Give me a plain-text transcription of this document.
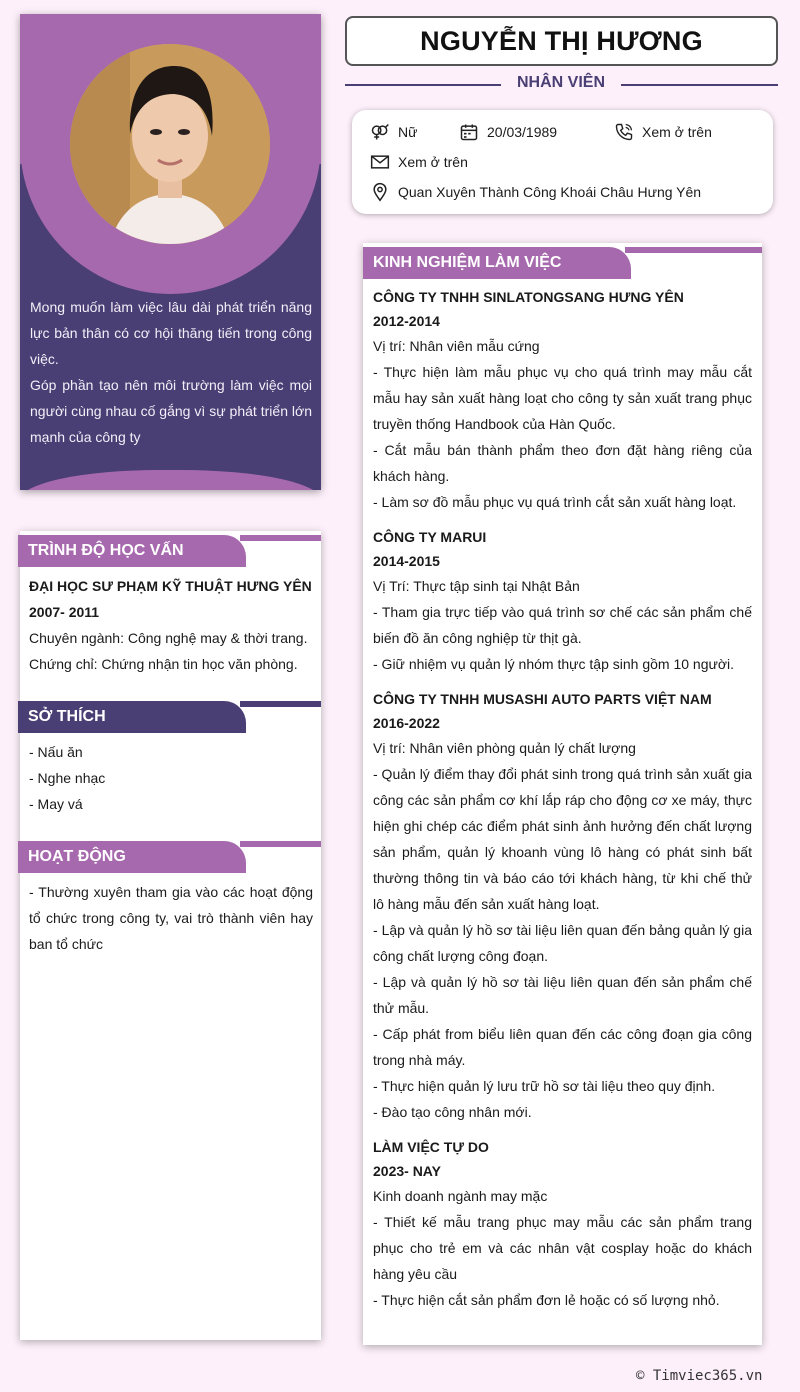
Mong muốn làm việc lâu dài phát triển năng lực bản thân có cơ hội thăng tiến trong công việc.

Góp phần tạo nên môi trường làm việc mọi người cùng nhau cố gắng vì sự phát triển lớn mạnh của công ty

TRÌNH ĐỘ HỌC VẤN
ĐẠI HỌC SƯ PHẠM KỸ THUẬT HƯNG YÊN
2007- 2011
Chuyên ngành: Công nghệ may & thời trang.
Chứng chỉ: Chứng nhận tin học văn phòng.
SỞ THÍCH
- Nấu ăn
- Nghe nhạc
- May vá
HOẠT ĐỘNG

- Thường xuyên tham gia vào các hoạt động tổ chức trong công ty, vai trò thành viên hay ban tổ chức

NGUYỄN THỊ HƯƠNG
NHÂN VIÊN
Nữ	20/03/1989	Xem ở trên
Xem ở trên
Quan Xuyên Thành Công Khoái Châu Hưng Yên
KINH NGHIỆM LÀM VIỆC
CÔNG TY TNHH SINLATONGSANG HƯNG YÊN
2012-2014

Vị trí: Nhân viên mẫu cứng

- Thực hiện làm mẫu phục vụ cho quá trình may mẫu cắt mẫu hay sản xuất hàng loạt cho công ty sản xuất trang phục truyền thống Handbook của Hàn Quốc.

- Cắt mẫu bán thành phẩm theo đơn đặt hàng riêng của khách hàng.

- Làm sơ đồ mẫu phục vụ quá trình cắt sản xuất hàng loạt.

CÔNG TY MARUI
2014-2015

Vị Trí: Thực tập sinh tại Nhật Bản

- Tham gia trực tiếp vào quá trình sơ chế các sản phẩm chế biến đồ ăn công nghiệp từ thịt gà.

- Giữ nhiệm vụ quản lý nhóm thực tập sinh gồm 10 người.

CÔNG TY TNHH MUSASHI AUTO PARTS VIỆT NAM
2016-2022

Vị trí: Nhân viên phòng quản lý chất lượng

- Quản lý điểm thay đổi phát sinh trong quá trình sản xuất gia công các sản phẩm cơ khí lắp ráp cho động cơ xe máy, thực hiện ghi chép các điểm phát sinh ảnh hưởng đến chất lượng sản phẩm, quản lý khoanh vùng lô hàng có phát sinh bất thường thông tin và báo cáo tới khách hàng, từ khi chế thử lô hàng mẫu đến sản xuất hàng loạt.

- Lập và quản lý hồ sơ tài liệu liên quan đến bảng quản lý gia công chất lượng công đoạn.

- Lập và quản lý hồ sơ tài liệu liên quan đến sản phẩm chế thử mẫu.

- Cấp phát from biểu liên quan đến các công đoạn gia công trong nhà máy.

- Thực hiện quản lý lưu trữ hồ sơ tài liệu theo quy định.

- Đào tạo công nhân mới.

LÀM VIỆC TỰ DO
2023- NAY

Kinh doanh ngành may mặc

- Thiết kế mẫu trang phục may mẫu các sản phẩm trang phục cho trẻ em và các nhân vật cosplay hoặc do khách hàng yêu cầu

- Thực hiện cắt sản phẩm đơn lẻ hoặc có số lượng nhỏ.

© Timviec365.vn
